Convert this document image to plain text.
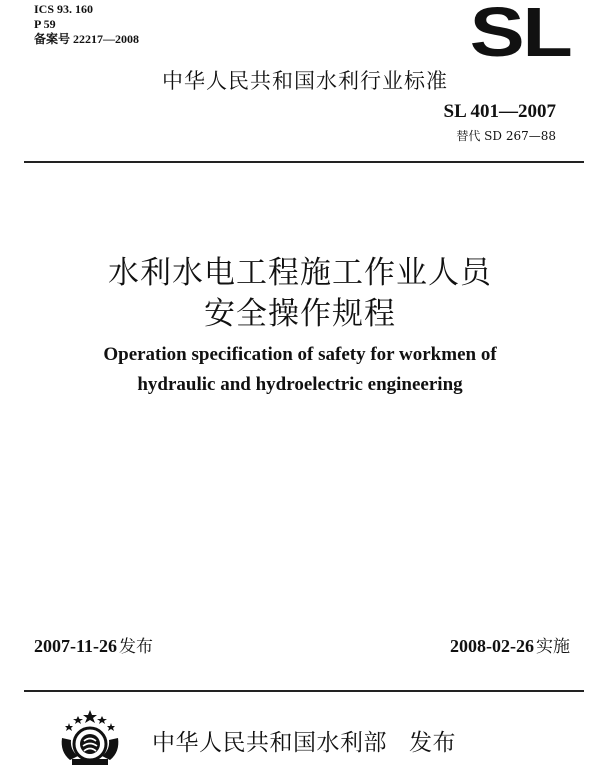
ICS 93. 160
P 59
备案号 22217—2008	SL
中华人民共和国水利行业标准
SL 401—2007
替代 SD 267—88
水利水电工程施工作业人员
安全操作规程
Operation specification of safety for workmen of
hydraulic and hydroelectric engineering
2007-11-26 发布	2008-02-26 实施
中华人民共和国水利部 发布
